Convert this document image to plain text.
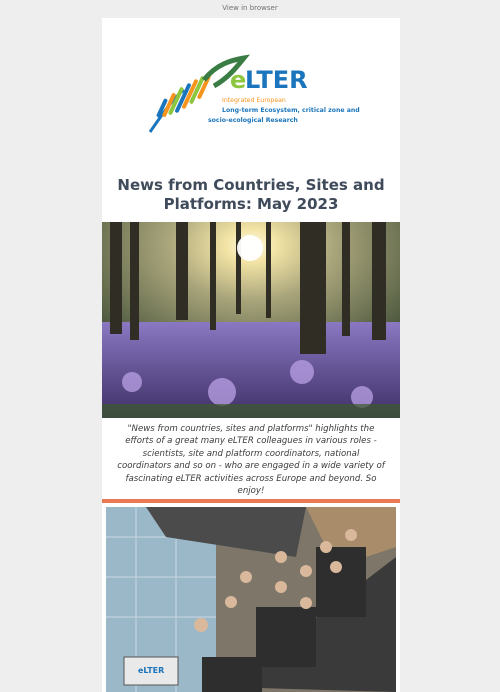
View in browser
e
LTER
Integrated European
Long-term Ecosystem, critical zone and
socio-ecological Research
News from Countries, Sites and Platforms: May 2023
"News from countries, sites and platforms" highlights the efforts of a great many eLTER colleagues in various roles - scientists, site and platform coordinators, national coordinators and so on - who are engaged in a wide variety of fascinating eLTER activities across Europe and beyond. So enjoy!
eLTER
